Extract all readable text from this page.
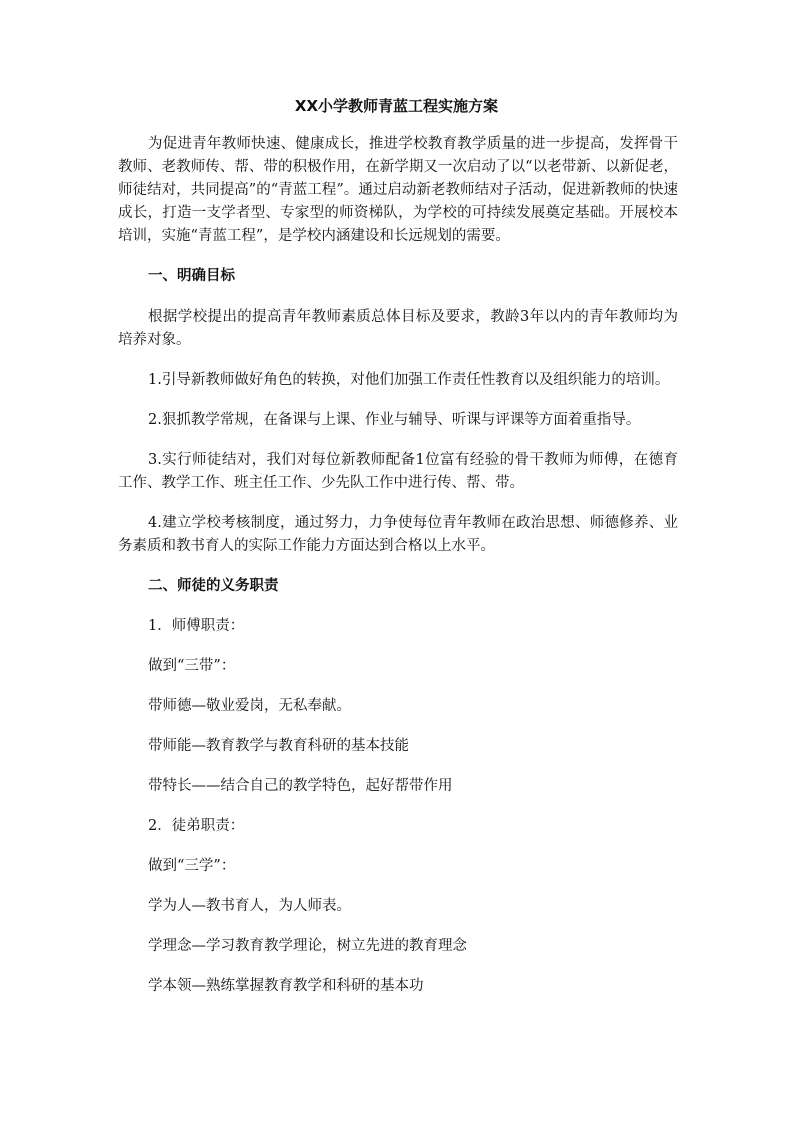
XX小学教师青蓝工程实施方案

为促进青年教师快速、健康成长，推进学校教育教学质量的进一步提高，发挥骨干教师、老教师传、帮、带的积极作用，在新学期又一次启动了以“以老带新、以新促老，师徒结对，共同提高”的“青蓝工程”。通过启动新老教师结对子活动，促进新教师的快速成长，打造一支学者型、专家型的师资梯队，为学校的可持续发展奠定基础。开展校本培训，实施“青蓝工程”，是学校内涵建设和长远规划的需要。

一、明确目标

根据学校提出的提高青年教师素质总体目标及要求，教龄3年以内的青年教师均为培养对象。

1.引导新教师做好角色的转换，对他们加强工作责任性教育以及组织能力的培训。

2.狠抓教学常规，在备课与上课、作业与辅导、听课与评课等方面着重指导。

3.实行师徒结对，我们对每位新教师配备1位富有经验的骨干教师为师傅，在德育工作、教学工作、班主任工作、少先队工作中进行传、帮、带。

4.建立学校考核制度，通过努力，力争使每位青年教师在政治思想、师德修养、业务素质和教书育人的实际工作能力方面达到合格以上水平。

二、师徒的义务职责

1．师傅职责：

做到“三带”：

带师德—敬业爱岗，无私奉献。

带师能—教育教学与教育科研的基本技能

带特长——结合自己的教学特色，起好帮带作用

2．徒弟职责：

做到“三学”：

学为人—教书育人，为人师表。

学理念—学习教育教学理论，树立先进的教育理念

学本领—熟练掌握教育教学和科研的基本功
